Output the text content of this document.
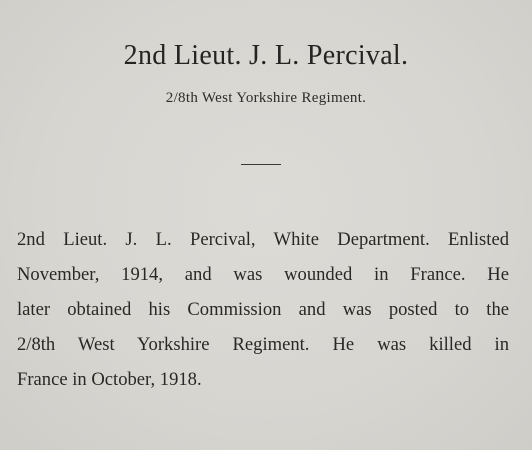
2nd Lieut. J. L. Percival.
2/8th West Yorkshire Regiment.
2nd Lieut. J. L. Percival, White Department. Enlisted
November, 1914, and was wounded in France. He
later obtained his Commission and was posted to the
2/8th West Yorkshire Regiment. He was killed in
France in October, 1918.
